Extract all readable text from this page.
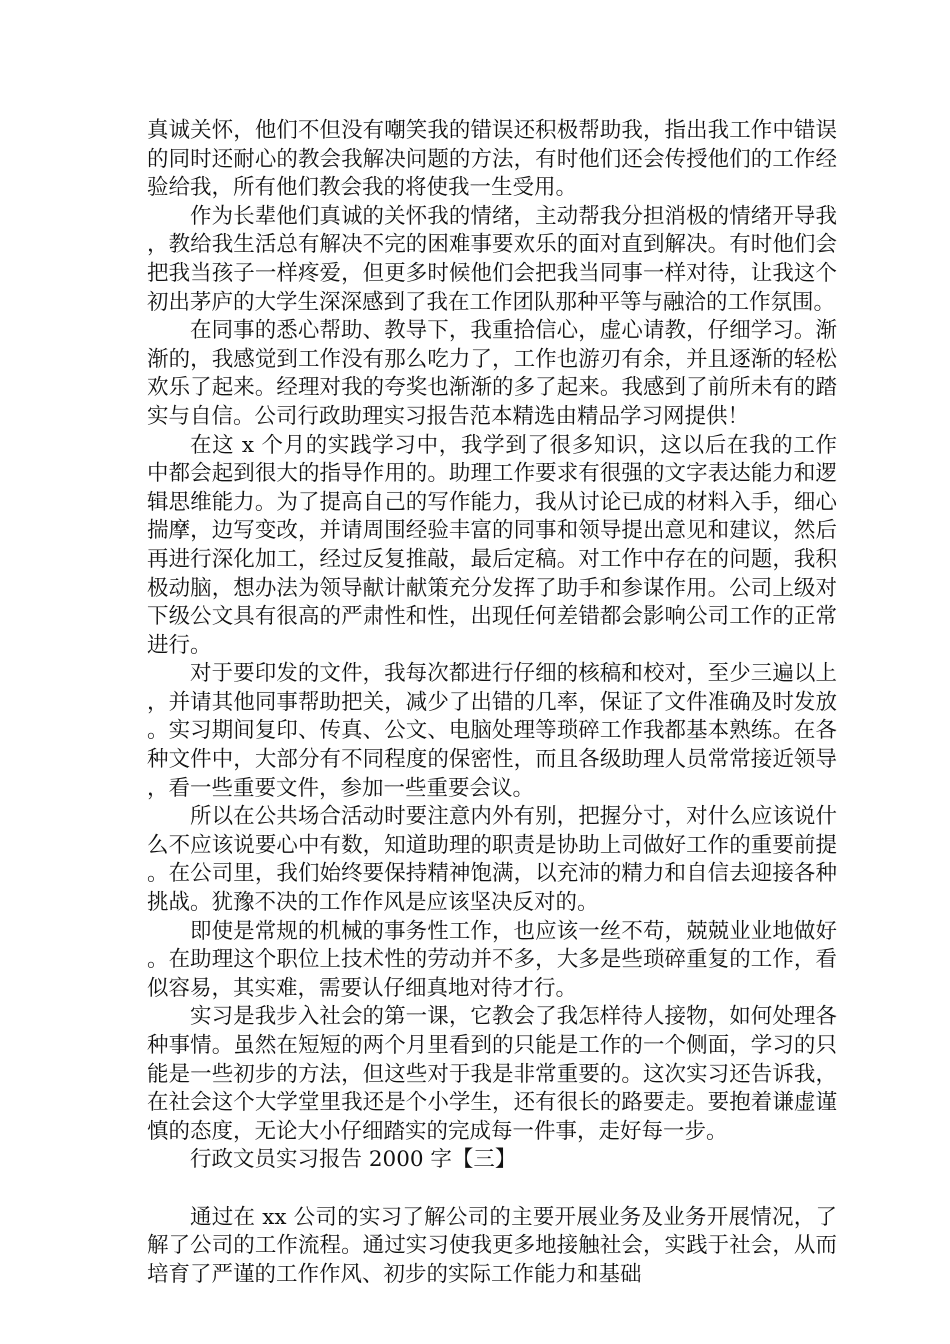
真诚关怀，他们不但没有嘲笑我的错误还积极帮助我，指出我工作中错误的同时还耐心的教会我解决问题的方法，有时他们还会传授他们的工作经验给我，所有他们教会我的将使我一生受用。

作为长辈他们真诚的关怀我的情绪，主动帮我分担消极的情绪开导我，教给我生活总有解决不完的困难事要欢乐的面对直到解决。有时他们会把我当孩子一样疼爱，但更多时候他们会把我当同事一样对待，让我这个初出茅庐的大学生深深感到了我在工作团队那种平等与融洽的工作氛围。

在同事的悉心帮助、教导下，我重拾信心，虚心请教，仔细学习。渐渐的，我感觉到工作没有那么吃力了，工作也游刃有余，并且逐渐的轻松欢乐了起来。经理对我的夸奖也渐渐的多了起来。我感到了前所未有的踏实与自信。公司行政助理实习报告范本精选由精品学习网提供！

在这 x 个月的实践学习中，我学到了很多知识，这以后在我的工作中都会起到很大的指导作用的。助理工作要求有很强的文字表达能力和逻辑思维能力。为了提高自己的写作能力，我从讨论已成的材料入手，细心揣摩，边写变改，并请周围经验丰富的同事和领导提出意见和建议，然后再进行深化加工，经过反复推敲，最后定稿。对工作中存在的问题，我积极动脑，想办法为领导献计献策充分发挥了助手和参谋作用。公司上级对下级公文具有很高的严肃性和性，出现任何差错都会影响公司工作的正常进行。

对于要印发的文件，我每次都进行仔细的核稿和校对，至少三遍以上，并请其他同事帮助把关，减少了出错的几率，保证了文件准确及时发放。实习期间复印、传真、公文、电脑处理等琐碎工作我都基本熟练。在各种文件中，大部分有不同程度的保密性，而且各级助理人员常常接近领导，看一些重要文件，参加一些重要会议。

所以在公共场合活动时要注意内外有别，把握分寸，对什么应该说什么不应该说要心中有数，知道助理的职责是协助上司做好工作的重要前提。在公司里，我们始终要保持精神饱满，以充沛的精力和自信去迎接各种挑战。犹豫不决的工作作风是应该坚决反对的。

即使是常规的机械的事务性工作，也应该一丝不苟，兢兢业业地做好。在助理这个职位上技术性的劳动并不多，大多是些琐碎重复的工作，看似容易，其实难，需要认仔细真地对待才行。

实习是我步入社会的第一课，它教会了我怎样待人接物，如何处理各种事情。虽然在短短的两个月里看到的只能是工作的一个侧面，学习的只能是一些初步的方法，但这些对于我是非常重要的。这次实习还告诉我，在社会这个大学堂里我还是个小学生，还有很长的路要走。要抱着谦虚谨慎的态度，无论大小仔细踏实的完成每一件事，走好每一步。

行政文员实习报告 2000 字【三】

通过在 xx 公司的实习了解公司的主要开展业务及业务开展情况，了解了公司的工作流程。通过实习使我更多地接触社会，实践于社会，从而培育了严谨的工作作风、初步的实际工作能力和基础
